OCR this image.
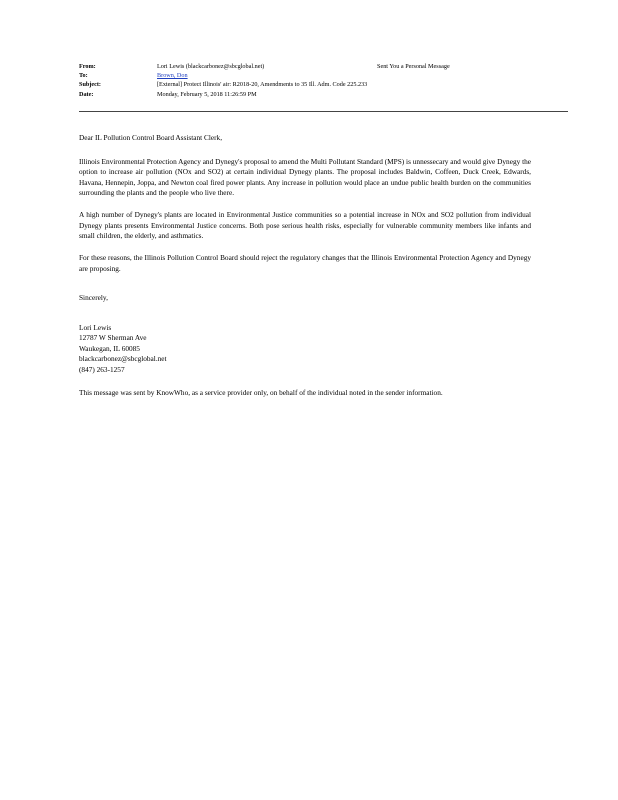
From:	Lori Lewis (blackcarbonez@sbcglobal.net)	Sent You a Personal Message
To:	Brown, Don
Subject:	[External] Protect Illinois' air: R2018-20, Amendments to 35 Ill. Adm. Code 225.233
Date:	Monday, February 5, 2018 11:26:59 PM

Dear IL Pollution Control Board Assistant Clerk,

Illinois Environmental Protection Agency and Dynegy's proposal to amend the Multi Pollutant Standard (MPS) is unnessecary and would give Dynegy the option to increase air pollution (NOx and SO2) at certain individual Dynegy plants. The proposal includes Baldwin, Coffeen, Duck Creek, Edwards, Havana, Hennepin, Joppa, and Newton coal fired power plants. Any increase in pollution would place an undue public health burden on the communities surrounding the plants and the people who live there.

A high number of Dynegy's plants are located in Environmental Justice communities so a potential increase in NOx and SO2 pollution from individual Dynegy plants presents Environmental Justice concerns. Both pose serious health risks, especially for vulnerable community members like infants and small children, the elderly, and asthmatics.

For these reasons, the Illinois Pollution Control Board should reject the regulatory changes that the Illinois Environmental Protection Agency and Dynegy are proposing.

Sincerely,

Lori Lewis

12787 W Sherman Ave

Waukegan, IL 60085

blackcarbonez@sbcglobal.net

(847) 263-1257

This message was sent by KnowWho, as a service provider only, on behalf of the individual noted in the sender information.
